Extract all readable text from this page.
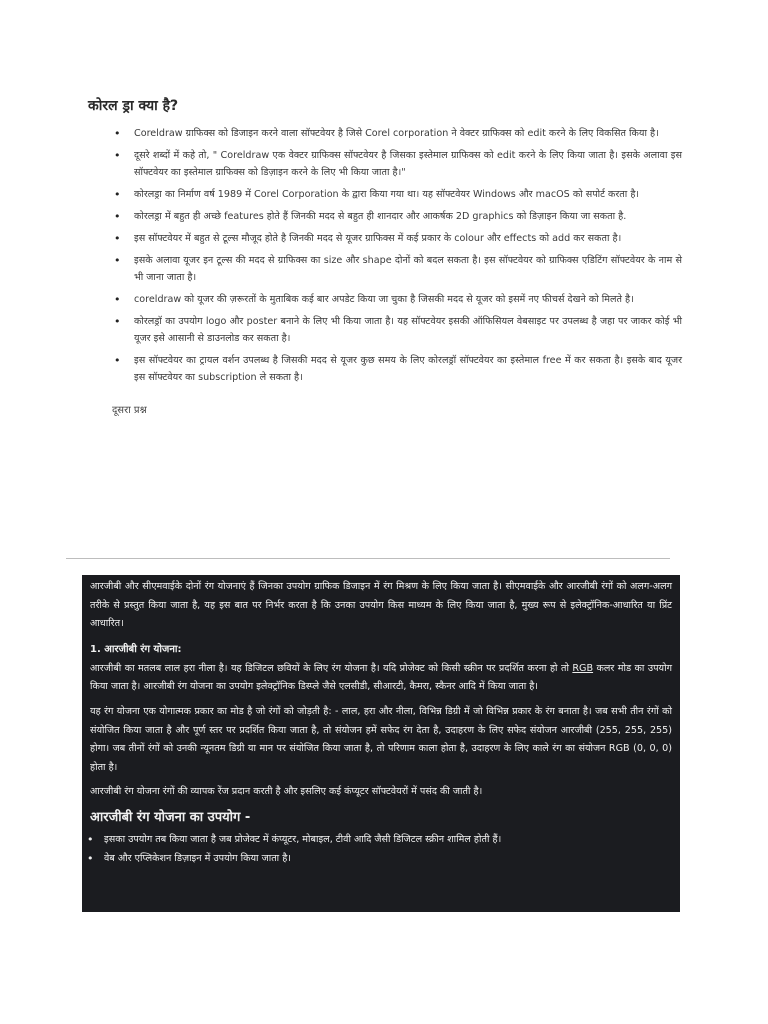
कोरल ड्रा क्या है?
• Coreldraw ग्राफिक्स को डिजाइन करने वाला सॉफ्टवेयर है जिसे Corel corporation ने वेक्टर ग्राफिक्स को edit करने के लिए विकसित किया है।
• दूसरे शब्दों में कहे तो, " Coreldraw एक वेक्टर ग्राफिक्स सॉफ्टवेयर है जिसका इस्तेमाल ग्राफिक्स को edit करने के लिए किया जाता है। इसके अलावा इस सॉफ्टवेयर का इस्तेमाल ग्राफिक्स को डिज़ाइन करने के लिए भी किया जाता है।"
• कोरलड्रा का निर्माण वर्ष 1989 में Corel Corporation के द्वारा किया गया था। यह सॉफ्टवेयर Windows और macOS को सपोर्ट करता है।
• कोरलड्रा में बहुत ही अच्छे features होते हैं जिनकी मदद से बहुत ही शानदार और आकर्षक 2D graphics को डिज़ाइन किया जा सकता है.
• इस सॉफ्टवेयर में बहुत से टूल्स मौजूद होते है जिनकी मदद से यूजर ग्राफिक्स में कई प्रकार के colour और effects को add कर सकता है।
• इसके अलावा यूजर इन टूल्स की मदद से ग्राफिक्स का size और shape दोनों को बदल सकता है। इस सॉफ्टवेयर को ग्राफिक्स एडिटिंग सॉफ्टवेयर के नाम से भी जाना जाता है।
• coreldraw को यूजर की ज़रूरतों के मुताबिक कई बार अपडेट किया जा चुका है जिसकी मदद से यूजर को इसमें नए फीचर्स देखने को मिलते है।
• कोरलड्रॉ का उपयोग logo और poster बनाने के लिए भी किया जाता है। यह सॉफ्टवेयर इसकी ऑफिसियल वेबसाइट पर उपलब्ध है जहा पर जाकर कोई भी यूजर इसे आसानी से डाउनलोड कर सकता है।
• इस सॉफ्टवेयर का ट्रायल वर्शन उपलब्ध है जिसकी मदद से यूजर कुछ समय के लिए कोरलड्रॉ सॉफ्टवेयर का इस्तेमाल free में कर सकता है। इसके बाद यूजर इस सॉफ्टवेयर का subscription ले सकता है।
दूसरा प्रश्न

आरजीबी और सीएमवाईके दोनों रंग योजनाएं हैं जिनका उपयोग ग्राफिक डिजाइन में रंग मिश्रण के लिए किया जाता है। सीएमवाईके और आरजीबी रंगों को अलग-अलग तरीके से प्रस्तुत किया जाता है, यह इस बात पर निर्भर करता है कि उनका उपयोग किस माध्यम के लिए किया जाता है, मुख्य रूप से इलेक्ट्रॉनिक-आधारित या प्रिंट आधारित।

1. आरजीबी रंग योजना:

आरजीबी का मतलब लाल हरा नीला है। यह डिजिटल छवियों के लिए रंग योजना है। यदि प्रोजेक्ट को किसी स्क्रीन पर प्रदर्शित करना हो तो RGB कलर मोड का उपयोग किया जाता है। आरजीबी रंग योजना का उपयोग इलेक्ट्रॉनिक डिस्प्ले जैसे एलसीडी, सीआरटी, कैमरा, स्कैनर आदि में किया जाता है।

यह रंग योजना एक योगात्मक प्रकार का मोड है जो रंगों को जोड़ती है: - लाल, हरा और नीला, विभिन्न डिग्री में जो विभिन्न प्रकार के रंग बनाता है। जब सभी तीन रंगों को संयोजित किया जाता है और पूर्ण स्तर पर प्रदर्शित किया जाता है, तो संयोजन हमें सफेद रंग देता है, उदाहरण के लिए सफेद संयोजन आरजीबी (255, 255, 255) होगा। जब तीनों रंगों को उनकी न्यूनतम डिग्री या मान पर संयोजित किया जाता है, तो परिणाम काला होता है, उदाहरण के लिए काले रंग का संयोजन RGB (0, 0, 0) होता है।

आरजीबी रंग योजना रंगों की व्यापक रेंज प्रदान करती है और इसलिए कई कंप्यूटर सॉफ्टवेयरों में पसंद की जाती है।

आरजीबी रंग योजना का उपयोग -
• इसका उपयोग तब किया जाता है जब प्रोजेक्ट में कंप्यूटर, मोबाइल, टीवी आदि जैसी डिजिटल स्क्रीन शामिल होती हैं।
• वेब और एप्लिकेशन डिज़ाइन में उपयोग किया जाता है।
